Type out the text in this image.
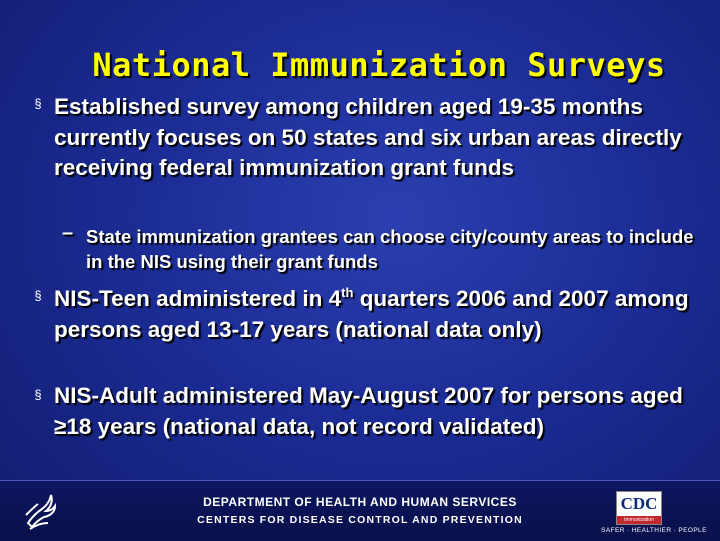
National Immunization Surveys
§ Established survey among children aged 19-35 months currently focuses on 50 states and six urban areas directly receiving federal immunization grant funds
– State immunization grantees can choose city/county areas to include in the NIS using their grant funds
§ NIS-Teen administered in 4th quarters 2006 and 2007 among persons aged 13-17 years (national data only)
§ NIS-Adult administered May-August 2007 for persons aged ≥18 years (national data, not record validated)
DEPARTMENT OF HEALTH AND HUMAN SERVICES
CENTERS FOR DISEASE CONTROL AND PREVENTION
CDC
Immunization
SAFER · HEALTHIER · PEOPLE
